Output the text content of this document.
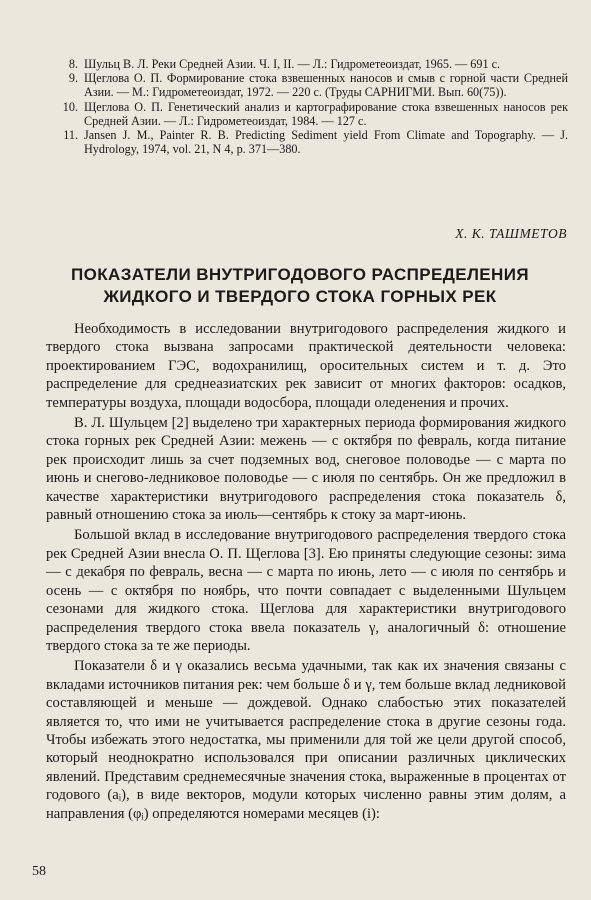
8. Шульц В. Л. Реки Средней Азии. Ч. I, II. — Л.: Гидрометеоиздат, 1965. — 691 с.
9. Щеглова О. П. Формирование стока взвешенных наносов и смыв с горной части Средней Азии. — М.: Гидрометеоиздат, 1972. — 220 с. (Труды САРНИГМИ. Вып. 60(75)).
10. Щеглова О. П. Генетический анализ и картографирование стока взвешенных наносов рек Средней Азии. — Л.: Гидрометеоиздат, 1984. — 127 с.
11. Jansen J. M., Painter R. B. Predicting Sediment yield From Climate and Topography. — J. Hydrology, 1974, vol. 21, N 4, p. 371—380.
Х. К. ТАШМЕТОВ
ПОКАЗАТЕЛИ ВНУТРИГОДОВОГО РАСПРЕДЕЛЕНИЯ
ЖИДКОГО И ТВЕРДОГО СТОКА ГОРНЫХ РЕК

Необходимость в исследовании внутригодового распределения жидкого и твердого стока вызвана запросами практической деятельности человека: проектированием ГЭС, водохранилищ, оросительных систем и т. д. Это распределение для среднеазиатских рек зависит от многих факторов: осадков, температуры воздуха, площади водосбора, площади оледенения и прочих.

В. Л. Шульцем [2] выделено три характерных периода формирования жидкого стока горных рек Средней Азии: межень — с октября по февраль, когда питание рек происходит лишь за счет подземных вод, снеговое половодье — с марта по июнь и снегово-ледниковое половодье — с июля по сентябрь. Он же предложил в качестве характеристики внутригодового распределения стока показатель δ, равный отношению стока за июль—сентябрь к стоку за март-июнь.

Большой вклад в исследование внутригодового распределения твердого стока рек Средней Азии внесла О. П. Щеглова [3]. Ею приняты следующие сезоны: зима — с декабря по февраль, весна — с марта по июнь, лето — с июля по сентябрь и осень — с октября по ноябрь, что почти совпадает с выделенными Шульцем сезонами для жидкого стока. Щеглова для характеристики внутригодового распределения твердого стока ввела показатель γ, аналогичный δ: отношение твердого стока за те же периоды.

Показатели δ и γ оказались весьма удачными, так как их значения связаны с вкладами источников питания рек: чем больше δ и γ, тем больше вклад ледниковой составляющей и меньше — дождевой. Однако слабостью этих показателей является то, что ими не учитывается распределение стока в другие сезоны года. Чтобы избежать этого недостатка, мы применили для той же цели другой способ, который неоднократно использовался при описании различных циклических явлений. Представим среднемесячные значения стока, выраженные в процентах от годового (aᵢ), в виде векторов, модули которых численно равны этим долям, а направления (φᵢ) определяются номерами месяцев (i):

58
